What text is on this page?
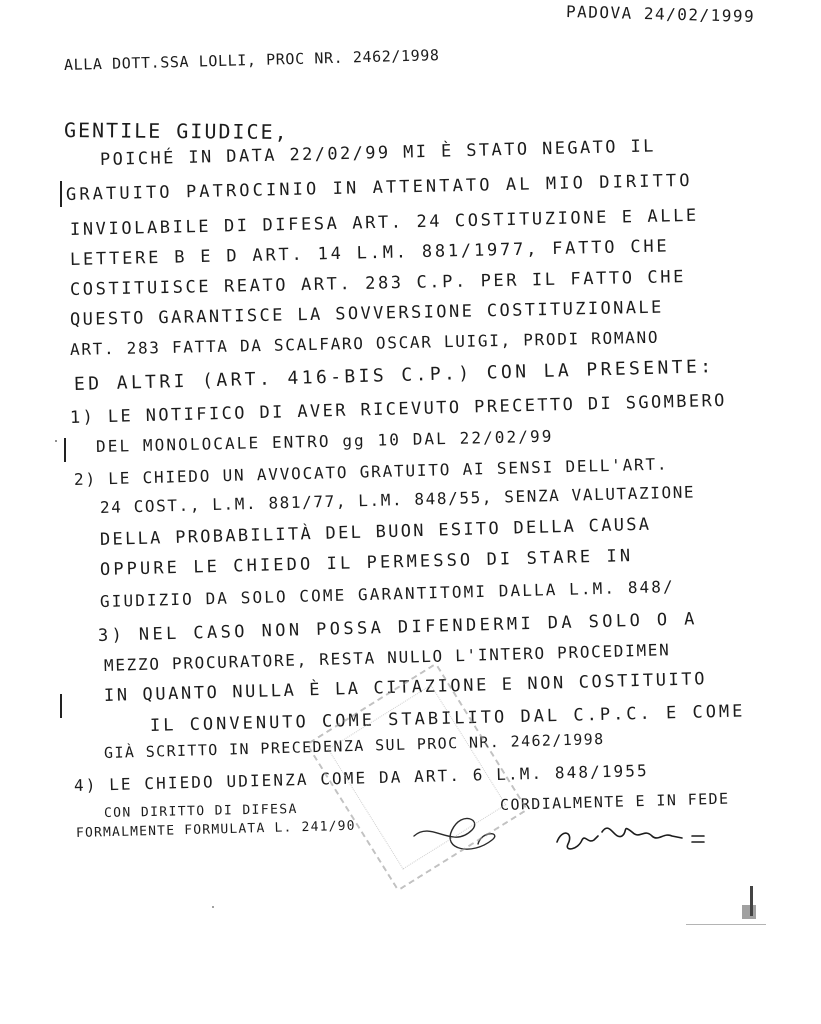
PADOVA 24/02/1999
ALLA DOTT.SSA LOLLI, PROC NR. 2462/1998
GENTILE GIUDICE,
POICHÉ IN DATA 22/02/99 MI È STATO NEGATO IL
GRATUITO PATROCINIO IN ATTENTATO AL MIO DIRITTO
INVIOLABILE DI DIFESA ART. 24 COSTITUZIONE E ALLE
LETTERE B E D ART. 14 L.M. 881/1977, FATTO CHE
COSTITUISCE REATO ART. 283 C.P. PER IL FATTO CHE
QUESTO GARANTISCE LA SOVVERSIONE COSTITUZIONALE
ART. 283 FATTA DA SCALFARO OSCAR LUIGI, PRODI ROMANO
ED ALTRI (ART. 416-BIS C.P.) CON LA PRESENTE:
1) LE NOTIFICO DI AVER RICEVUTO PRECETTO DI SGOMBERO
DEL MONOLOCALE ENTRO gg 10 DAL 22/02/99
2) LE CHIEDO UN AVVOCATO GRATUITO AI SENSI DELL'ART.
24 COST., L.M. 881/77, L.M. 848/55, SENZA VALUTAZIONE
DELLA PROBABILITÀ DEL BUON ESITO DELLA CAUSA
OPPURE LE CHIEDO IL PERMESSO DI STARE IN
GIUDIZIO DA SOLO COME GARANTITOMI DALLA L.M. 848/
3) NEL CASO NON POSSA DIFENDERMI DA SOLO O A
MEZZO PROCURATORE, RESTA NULLO L'INTERO PROCEDIMEN
IN QUANTO NULLA È LA CITAZIONE E NON COSTITUITO
IL CONVENUTO COME STABILITO DAL C.P.C. E COME
GIÀ SCRITTO IN PRECEDENZA SUL PROC NR. 2462/1998
4) LE CHIEDO UDIENZA COME DA ART. 6 L.M. 848/1955
CON DIRITTO DI DIFESA
FORMALMENTE FORMULATA L. 241/90
CORDIALMENTE E IN FEDE
